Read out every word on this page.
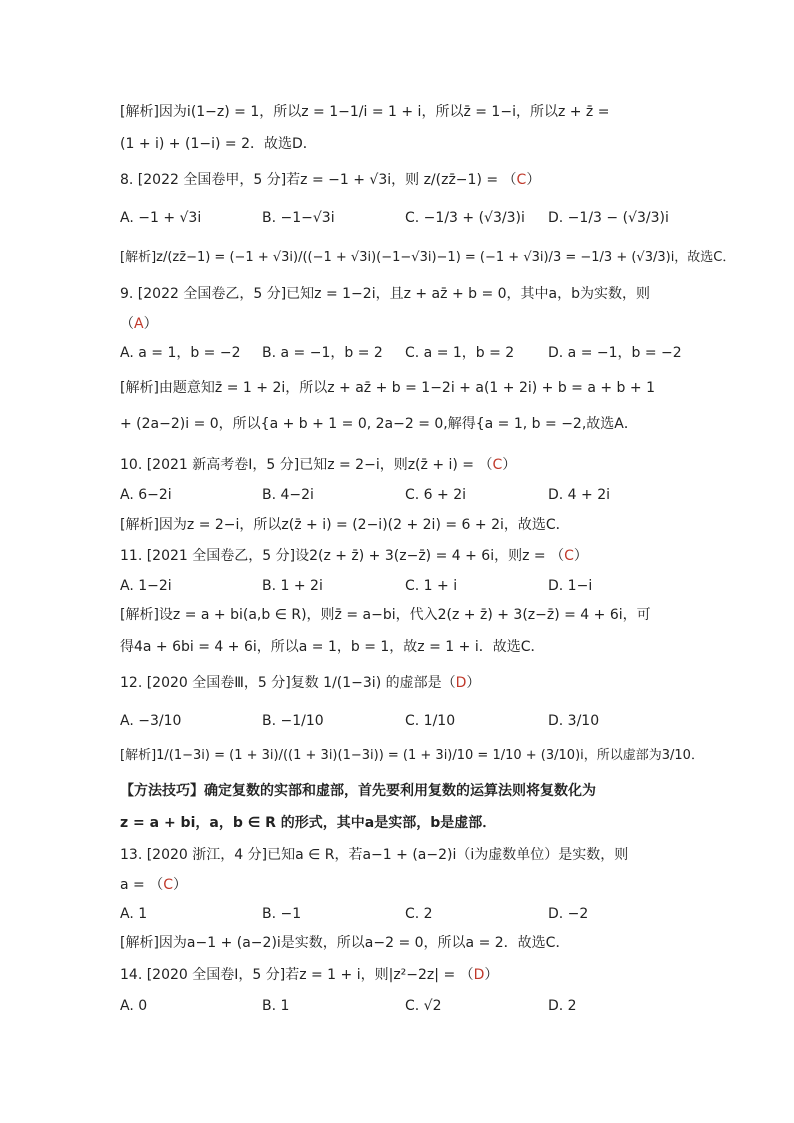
[解析]因为i(1−z) = 1，所以z = 1−1/i = 1 + i，所以z̄ = 1−i，所以z + z̄ =
(1 + i) + (1−i) = 2．故选D．
8. [2022 全国卷甲，5 分]若z = −1 + √3i，则 z/(zz̄−1) = （C）
A. −1 + √3i	B. −1−√3i	C. −1/3 + (√3/3)i D. −1/3 − (√3/3)i
[解析]z/(zz̄−1) = (−1 + √3i)/((−1 + √3i)(−1−√3i)−1) = (−1 + √3i)/3 = −1/3 + (√3/3)i，故选C．
9. [2022 全国卷乙，5 分]已知z = 1−2i，且z + az̄ + b = 0，其中a，b为实数，则
（A）
A. a = 1，b = −2 B. a = −1，b = 2 C. a = 1，b = 2 D. a = −1，b = −2
[解析]由题意知z̄ = 1 + 2i，所以z + az̄ + b = 1−2i + a(1 + 2i) + b = a + b + 1
+ (2a−2)i = 0，所以{a + b + 1 = 0, 2a−2 = 0,解得{a = 1, b = −2,故选A．
10. [2021 新高考卷Ⅰ，5 分]已知z = 2−i，则z(z̄ + i) = （C）
A. 6−2i	B. 4−2i	C. 6 + 2i	D. 4 + 2i
[解析]因为z = 2−i，所以z(z̄ + i) = (2−i)(2 + 2i) = 6 + 2i，故选C．
11. [2021 全国卷乙，5 分]设2(z + z̄) + 3(z−z̄) = 4 + 6i，则z = （C）
A. 1−2i	B. 1 + 2i	C. 1 + i	D. 1−i
[解析]设z = a + bi(a,b ∈ R)，则z̄ = a−bi，代入2(z + z̄) + 3(z−z̄) = 4 + 6i，可
得4a + 6bi = 4 + 6i，所以a = 1，b = 1，故z = 1 + i．故选C．
12. [2020 全国卷Ⅲ，5 分]复数 1/(1−3i) 的虚部是（D）
A. −3/10	B. −1/10	C. 1/10	D. 3/10
[解析]1/(1−3i) = (1 + 3i)/((1 + 3i)(1−3i)) = (1 + 3i)/10 = 1/10 + (3/10)i，所以虚部为3/10．
【方法技巧】确定复数的实部和虚部，首先要利用复数的运算法则将复数化为
z = a + bi，a，b ∈ R 的形式，其中a是实部，b是虚部．
13. [2020 浙江，4 分]已知a ∈ R，若a−1 + (a−2)i（i为虚数单位）是实数，则
a = （C）
A. 1	B. −1	C. 2	D. −2
[解析]因为a−1 + (a−2)i是实数，所以a−2 = 0，所以a = 2．故选C．
14. [2020 全国卷Ⅰ，5 分]若z = 1 + i，则|z²−2z| = （D）
A. 0	B. 1	C. √2	D. 2
